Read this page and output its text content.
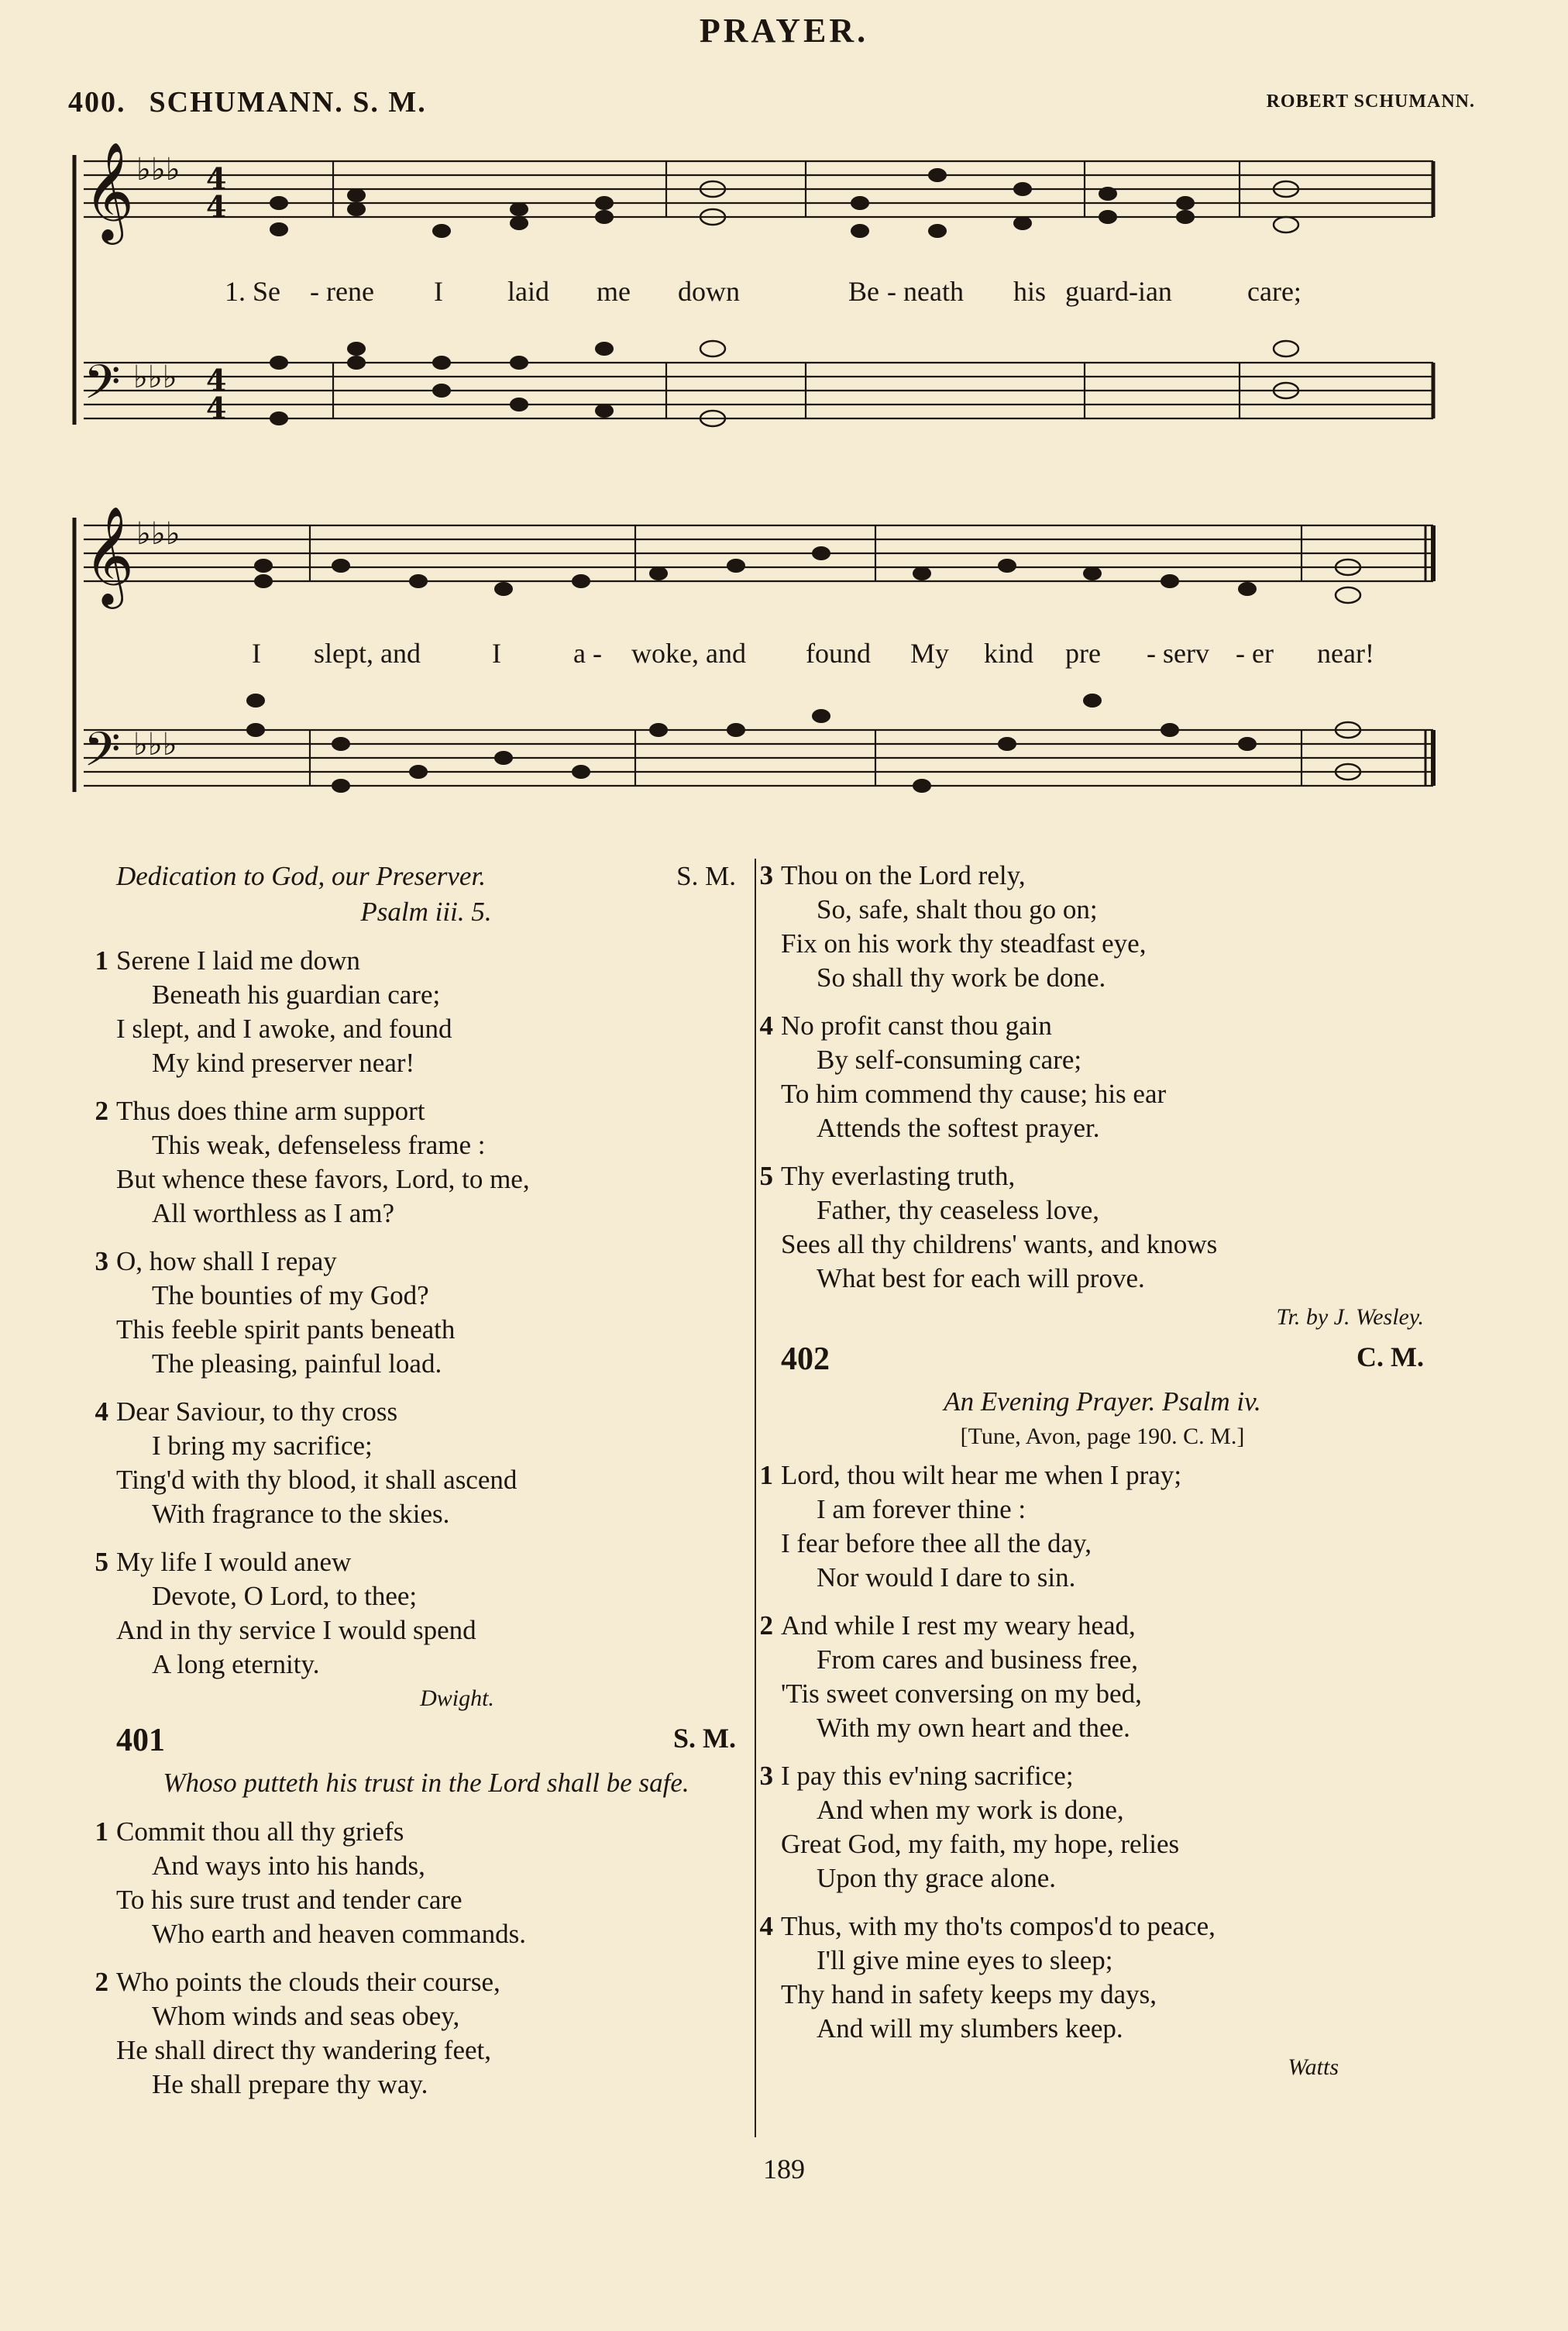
PRAYER.
400. SCHUMANN. S. M.	ROBERT SCHUMANN.
𝄞
𝄢
𝄞
𝄢
♭♭♭
♭♭♭
♭♭♭
♭♭♭
4
4
4
4
1. Se - rene I laid me down	Be - neath his guard-ian	care;
I slept, and	I	a - woke, and found My kind pre - serv - er near!
Dedication to God, our Preserver.	S. M.
Psalm iii. 5.
1 Serene I laid me down
Beneath his guardian care;
I slept, and I awoke, and found
My kind preserver near!
2 Thus does thine arm support
This weak, defenseless frame :
But whence these favors, Lord, to me,
All worthless as I am?
3 O, how shall I repay
The bounties of my God?
This feeble spirit pants beneath
The pleasing, painful load.
4 Dear Saviour, to thy cross
I bring my sacrifice;
Ting'd with thy blood, it shall ascend
With fragrance to the skies.
5 My life I would anew
Devote, O Lord, to thee;
And in thy service I would spend
A long eternity.
Dwight.
401	S. M.
Whoso putteth his trust in the Lord shall be safe.
1 Commit thou all thy griefs
And ways into his hands,
To his sure trust and tender care
Who earth and heaven commands.
2 Who points the clouds their course,
Whom winds and seas obey,
He shall direct thy wandering feet,
He shall prepare thy way.
3 Thou on the Lord rely,
So, safe, shalt thou go on;
Fix on his work thy steadfast eye,
So shall thy work be done.
4 No profit canst thou gain
By self-consuming care;
To him commend thy cause; his ear
Attends the softest prayer.
5 Thy everlasting truth,
Father, thy ceaseless love,
Sees all thy childrens' wants, and knows
What best for each will prove.
Tr. by J. Wesley.
402	C. M.
An Evening Prayer. Psalm iv.
[Tune, Avon, page 190. C. M.]
1 Lord, thou wilt hear me when I pray;
I am forever thine :
I fear before thee all the day,
Nor would I dare to sin.
2 And while I rest my weary head,
From cares and business free,
'Tis sweet conversing on my bed,
With my own heart and thee.
3 I pay this ev'ning sacrifice;
And when my work is done,
Great God, my faith, my hope, relies
Upon thy grace alone.
4 Thus, with my tho'ts compos'd to peace,
I'll give mine eyes to sleep;
Thy hand in safety keeps my days,
And will my slumbers keep.
Watts
189
